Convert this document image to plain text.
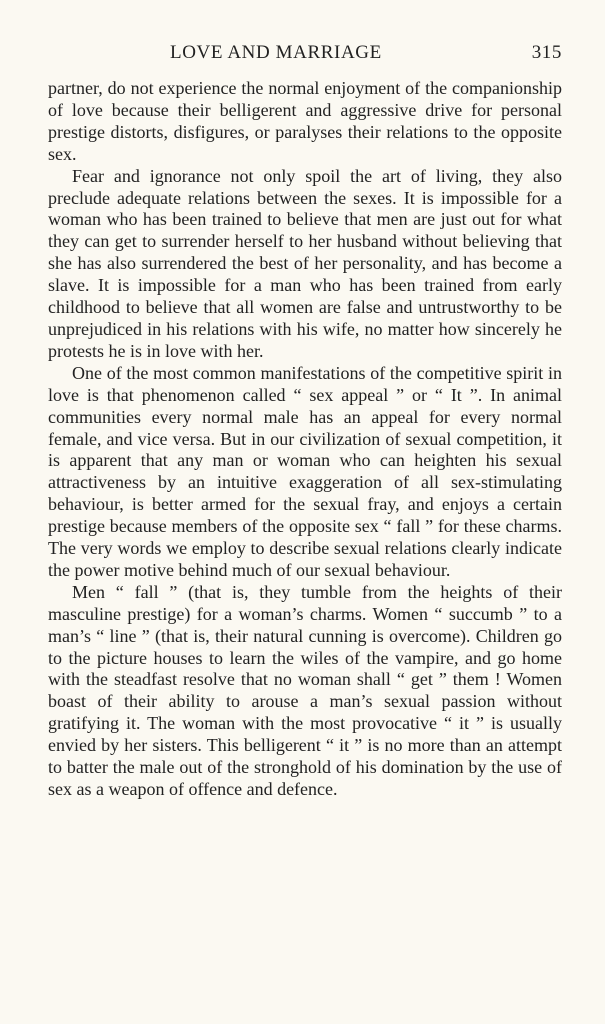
LOVE AND MARRIAGE	315

partner, do not experience the normal enjoyment of the companionship of love because their belligerent and aggressive drive for personal prestige distorts, disfigures, or paralyses their relations to the opposite sex.

Fear and ignorance not only spoil the art of living, they also preclude adequate relations between the sexes. It is impossible for a woman who has been trained to believe that men are just out for what they can get to surrender herself to her husband without believing that she has also surrendered the best of her personality, and has become a slave. It is impossible for a man who has been trained from early childhood to believe that all women are false and untrustworthy to be unprejudiced in his relations with his wife, no matter how sincerely he protests he is in love with her.

One of the most common manifestations of the competitive spirit in love is that phenomenon called “ sex appeal ” or “ It ”. In animal communities every normal male has an appeal for every normal female, and vice versa. But in our civilization of sexual competition, it is apparent that any man or woman who can heighten his sexual attractiveness by an intuitive exaggeration of all sex-stimulating behaviour, is better armed for the sexual fray, and enjoys a certain prestige because members of the opposite sex “ fall ” for these charms. The very words we employ to describe sexual relations clearly indicate the power motive behind much of our sexual behaviour.

Men “ fall ” (that is, they tumble from the heights of their masculine prestige) for a woman’s charms. Women “ succumb ” to a man’s “ line ” (that is, their natural cunning is overcome). Children go to the picture houses to learn the wiles of the vampire, and go home with the steadfast resolve that no woman shall “ get ” them ! Women boast of their ability to arouse a man’s sexual passion without gratifying it. The woman with the most provocative “ it ” is usually envied by her sisters. This belligerent “ it ” is no more than an attempt to batter the male out of the stronghold of his domination by the use of sex as a weapon of offence and defence.
